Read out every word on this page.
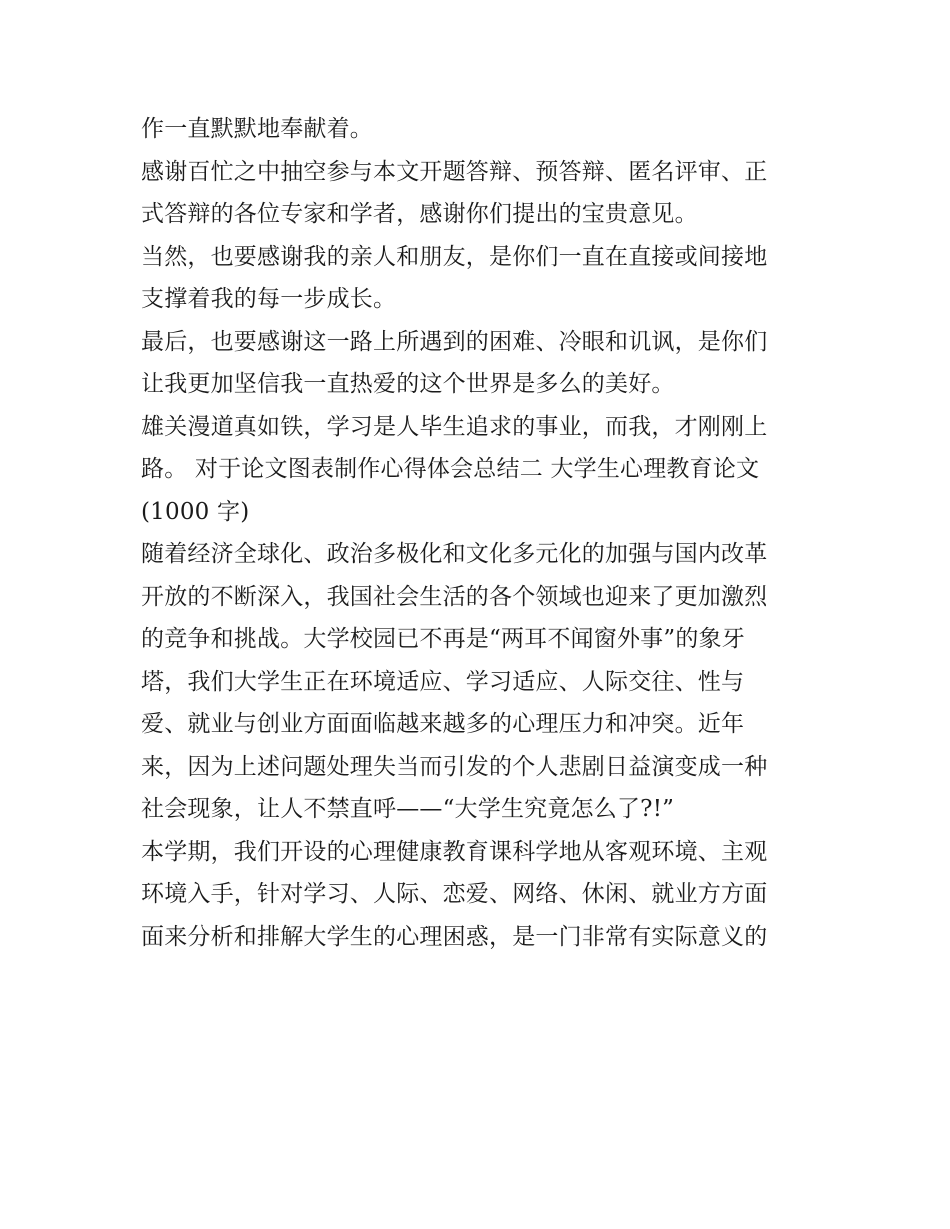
作一直默默地奉献着。
感谢百忙之中抽空参与本文开题答辩、预答辩、匿名评审、正
式答辩的各位专家和学者，感谢你们提出的宝贵意见。
当然，也要感谢我的亲人和朋友，是你们一直在直接或间接地
支撑着我的每一步成长。
最后，也要感谢这一路上所遇到的困难、冷眼和讥讽，是你们
让我更加坚信我一直热爱的这个世界是多么的美好。
雄关漫道真如铁，学习是人毕生追求的事业，而我，才刚刚上
路。 对于论文图表制作心得体会总结二 大学生心理教育论文
(1000 字)
随着经济全球化、政治多极化和文化多元化的加强与国内改革
开放的不断深入，我国社会生活的各个领域也迎来了更加激烈
的竞争和挑战。大学校园已不再是“两耳不闻窗外事”的象牙
塔，我们大学生正在环境适应、学习适应、人际交往、性与
爱、就业与创业方面面临越来越多的心理压力和冲突。近年
来，因为上述问题处理失当而引发的个人悲剧日益演变成一种
社会现象，让人不禁直呼——“大学生究竟怎么了?!”
本学期，我们开设的心理健康教育课科学地从客观环境、主观
环境入手，针对学习、人际、恋爱、网络、休闲、就业方方面
面来分析和排解大学生的心理困惑，是一门非常有实际意义的
